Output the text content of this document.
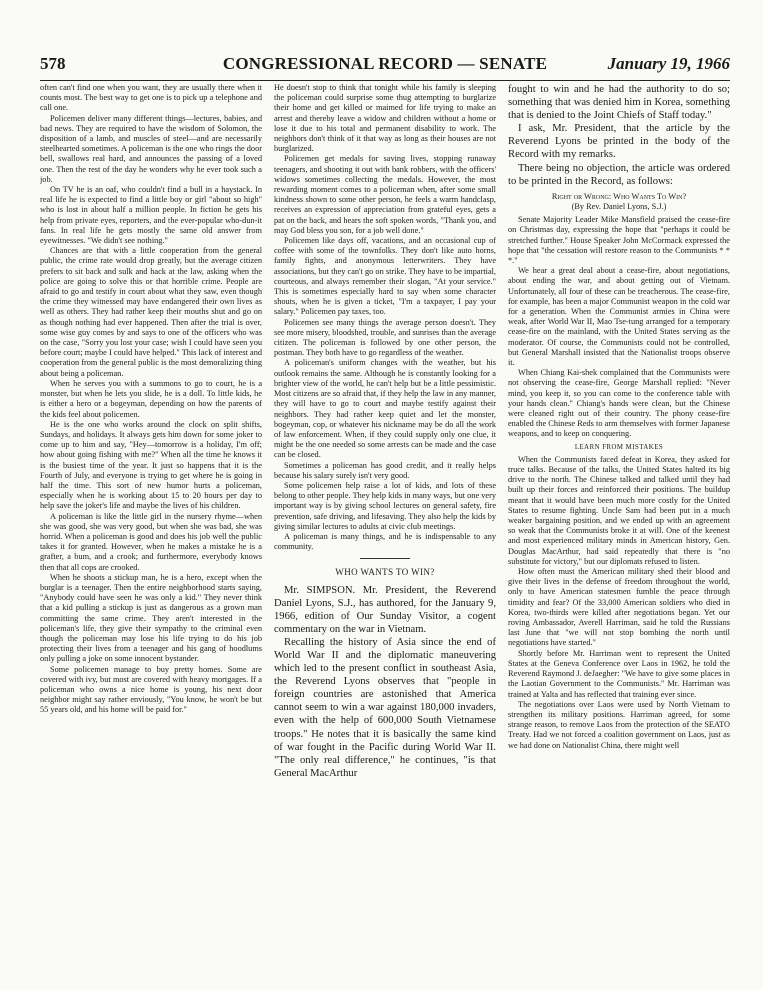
578	CONGRESSIONAL RECORD — SENATE	January 19, 1966

often can't find one when you want, they are usually there when it counts most. The best way to get one is to pick up a telephone and call one.

Policemen deliver many different things—lectures, babies, and bad news. They are required to have the wisdom of Solomon, the disposition of a lamb, and muscles of steel—and are necessarily steelhearted sometimes. A policeman is the one who rings the door bell, swallows real hard, and announces the passing of a loved one. Then the rest of the day he wonders why he ever took such a job.

On TV he is an oaf, who couldn't find a bull in a haystack. In real life he is expected to find a little boy or girl "about so high" who is lost in about half a million people. In fiction he gets his help from private eyes, reporters, and the ever-popular who-dun-it fans. In real life he gets mostly the same old answer from eyewitnesses. "We didn't see nothing."

Chances are that with a little cooperation from the general public, the crime rate would drop greatly, but the average citizen prefers to sit back and sulk and hack at the law, asking when the police are going to solve this or that horrible crime. People are afraid to go and testify in court about what they saw, even though the crime they witnessed may have endangered their own lives as well as others. They had rather keep their mouths shut and go on as though nothing had ever happened. Then after the trial is over, some wise guy comes by and says to one of the officers who was on the case, "Sorry you lost your case; wish I could have seen you before court; maybe I could have helped." This lack of interest and cooperation from the general public is the most demoralizing thing about being a policeman.

When he serves you with a summons to go to court, he is a monster, but when he lets you slide, he is a doll. To little kids, he is either a hero or a bogeyman, depending on how the parents of the kids feel about policemen.

He is the one who works around the clock on split shifts, Sundays, and holidays. It always gets him down for some joker to come up to him and say, "Hey—tomorrow is a holiday, I'm off; how about going fishing with me?" When all the time he knows it is the busiest time of the year. It just so happens that it is the Fourth of July, and everyone is trying to get where he is going in half the time. This sort of new humor hurts a policeman, especially when he is working about 15 to 20 hours per day to help save the joker's life and maybe the lives of his children.

A policeman is like the little girl in the nursery rhyme—when she was good, she was very good, but when she was bad, she was horrid. When a policeman is good and does his job well the public takes it for granted. However, when he makes a mistake he is a grafter, a bum, and a crook; and furthermore, everybody knows then that all cops are crooked.

When he shoots a stickup man, he is a hero, except when the burglar is a teenager. Then the entire neighborhood starts saying, "Anybody could have seen he was only a kid." They never think that a kid pulling a stickup is just as dangerous as a grown man committing the same crime. They aren't interested in the policeman's life, they give their sympathy to the criminal even though the policeman may lose his life trying to do his job protecting their lives from a teenager and his gang of hoodlums only pulling a joke on some innocent bystander.

Some policemen manage to buy pretty homes. Some are covered with ivy, but most are covered with heavy mortgages. If a policeman who owns a nice home is young, his next door neighbor might say rather enviously, "You know, he won't be but 55 years old, and his home will be paid for."

He doesn't stop to think that tonight while his family is sleeping the policeman could surprise some thug attempting to burglarize their home and get killed or maimed for life trying to make an arrest and thereby leave a widow and children without a home or lose it due to his total and permanent disability to work. The neighbors don't think of it that way as long as their houses are not burglarized.

Policemen get medals for saving lives, stopping runaway teenagers, and shooting it out with bank robbers, with the officers' widows sometimes collecting the medals. However, the most rewarding moment comes to a policeman when, after some small kindness shown to some other person, he feels a warm handclasp, receives an expression of appreciation from grateful eyes, gets a pat on the back, and hears the soft spoken words, "Thank you, and may God bless you son, for a job well done."

Policemen like days off, vacations, and an occasional cup of coffee with some of the townfolks. They don't like auto horns, family fights, and anonymous letterwriters. They have associations, but they can't go on strike. They have to be impartial, courteous, and always remember their slogan, "At your service." This is sometimes especially hard to say when some character shouts, when he is given a ticket, "I'm a taxpayer, I pay your salary." Policemen pay taxes, too.

Policemen see many things the average person doesn't. They see more misery, bloodshed, trouble, and sunrises than the average citizen. The policeman is followed by one other person, the postman. They both have to go regardless of the weather.

A policeman's uniform changes with the weather, but his outlook remains the same. Although he is constantly looking for a brighter view of the world, he can't help but be a little pessimistic. Most citizens are so afraid that, if they help the law in any manner, they will have to go to court and maybe testify against their neighbors. They had rather keep quiet and let the monster, bogeyman, cop, or whatever his nickname may be do all the work of law enforcement. When, if they could supply only one clue, it might be the one needed so some arrests can be made and the case can be closed.

Sometimes a policeman has good credit, and it really helps because his salary surely isn't very good.

Some policemen help raise a lot of kids, and lots of these belong to other people. They help kids in many ways, but one very important way is by giving school lectures on general safety, fire prevention, safe driving, and lifesaving. They also help the kids by giving similar lectures to adults at civic club meetings.

A policeman is many things, and he is indispensable to any community.

WHO WANTS TO WIN?

Mr. SIMPSON. Mr. President, the Reverend Daniel Lyons, S.J., has authored, for the January 9, 1966, edition of Our Sunday Visitor, a cogent commentary on the war in Vietnam.

Recalling the history of Asia since the end of World War II and the diplomatic maneuvering which led to the present conflict in southeast Asia, the Reverend Lyons observes that "people in foreign countries are astonished that America cannot seem to win a war against 180,000 invaders, even with the help of 600,000 South Vietnamese troops." He notes that it is basically the same kind of war fought in the Pacific during World War II. "The only real difference," he continues, "is that General MacArthur

fought to win and he had the authority to do so; something that was denied him in Korea, something that is denied to the Joint Chiefs of Staff today."

I ask, Mr. President, that the article by the Reverend Lyons be printed in the body of the Record with my remarks.

There being no objection, the article was ordered to be printed in the Record, as follows:

Right or Wrong: Who Wants To Win?

(By Rev. Daniel Lyons, S.J.)

Senate Majority Leader Mike Mansfield praised the cease-fire on Christmas day, expressing the hope that "perhaps it could be stretched further." House Speaker John McCormack expressed the hope that "the cessation will restore reason to the Communists * * *."

We hear a great deal about a cease-fire, about negotiations, about ending the war, and about getting out of Vietnam. Unfortunately, all four of these can be treacherous. The cease-fire, for example, has been a major Communist weapon in the cold war for a generation. When the Communist armies in China were weak, after World War II, Mao Tse-tung arranged for a temporary cease-fire on the mainland, with the United States serving as the moderator. Of course, the Communists could not be controlled, but General Marshall insisted that the Nationalist troops observe it.

When Chiang Kai-shek complained that the Communists were not observing the cease-fire, George Marshall replied: "Never mind, you keep it, so you can come to the conference table with your hands clean." Chiang's hands were clean, but the Chinese were cleaned right out of their country. The phony cease-fire enabled the Chinese Reds to arm themselves with former Japanese weapons, and to keep on conquering.

LEARN FROM MISTAKES

When the Communists faced defeat in Korea, they asked for truce talks. Because of the talks, the United States halted its big drive to the north. The Chinese talked and talked until they had built up their forces and reinforced their positions. The buildup meant that it would have been much more costly for the United States to resume fighting. Uncle Sam had been put in a much weaker bargaining position, and we ended up with an agreement so weak that the Communists broke it at will. One of the keenest and most experienced military minds in American history, Gen. Douglas MacArthur, had said repeatedly that there is "no substitute for victory," but our diplomats refused to listen.

How often must the American military shed their blood and give their lives in the defense of freedom throughout the world, only to have American statesmen fumble the peace through timidity and fear? Of the 33,000 American soldiers who died in Korea, two-thirds were killed after negotiations began. Yet our roving Ambassador, Averell Harriman, said he told the Russians last June that "we will not stop bombing the north until negotiations have started."

Shortly before Mr. Harriman went to represent the United States at the Geneva Conference over Laos in 1962, he told the Reverend Raymond J. deJaegher: "We have to give some places in the Laotian Government to the Communists." Mr. Harriman was trained at Yalta and has reflected that training ever since.

The negotiations over Laos were used by North Vietnam to strengthen its military positions. Harriman agreed, for some strange reason, to remove Laos from the protection of the SEATO Treaty. Had we not forced a coalition government on Laos, just as we had done on Nationalist China, there might well
